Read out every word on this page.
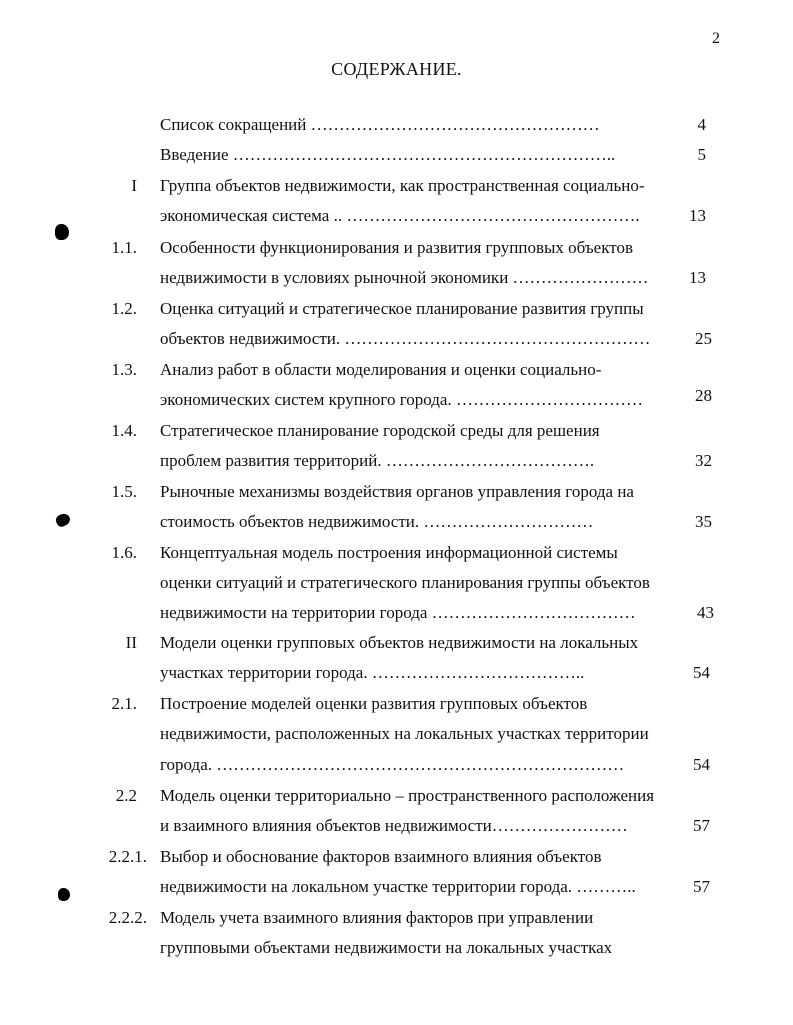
2
СОДЕРЖАНИЕ.
Список сокращений ……………………………………………	4
Введение …………………………………………………………..	5
I Группа объектов недвижимости, как пространственная социально-
экономическая система .. …………………………………………….	13
1.1. Особенности функционирования и развития групповых объектов
недвижимости в условиях рыночной экономики ……………………	13
1.2. Оценка ситуаций и стратегическое планирование развития группы
объектов недвижимости. ………………………………………………	25
1.3. Анализ работ в области моделирования и оценки социально-
экономических систем крупного города. ……………………………	28
1.4. Стратегическое планирование городской среды для решения
проблем развития территорий. ……………………………….	32
1.5. Рыночные механизмы воздействия органов управления города на
стоимость объектов недвижимости. …………………………	35
1.6. Концептуальная модель построения информационной системы
оценки ситуаций и стратегического планирования группы объектов
недвижимости на территории города ………………………………	43
II Модели оценки групповых объектов недвижимости на локальных
участках территории города. ………………………………..	54
2.1. Построение моделей оценки развития групповых объектов
недвижимости, расположенных на локальных участках территории
города. ………………………………………………………………	54
2.2 Модель оценки территориально – пространственного расположения
и взаимного влияния объектов недвижимости……………………	57
2.2.1. Выбор и обоснование факторов взаимного влияния объектов
недвижимости на локальном участке территории города. ………..	57
2.2.2. Модель учета взаимного влияния факторов при управлении
групповыми объектами недвижимости на локальных участках
